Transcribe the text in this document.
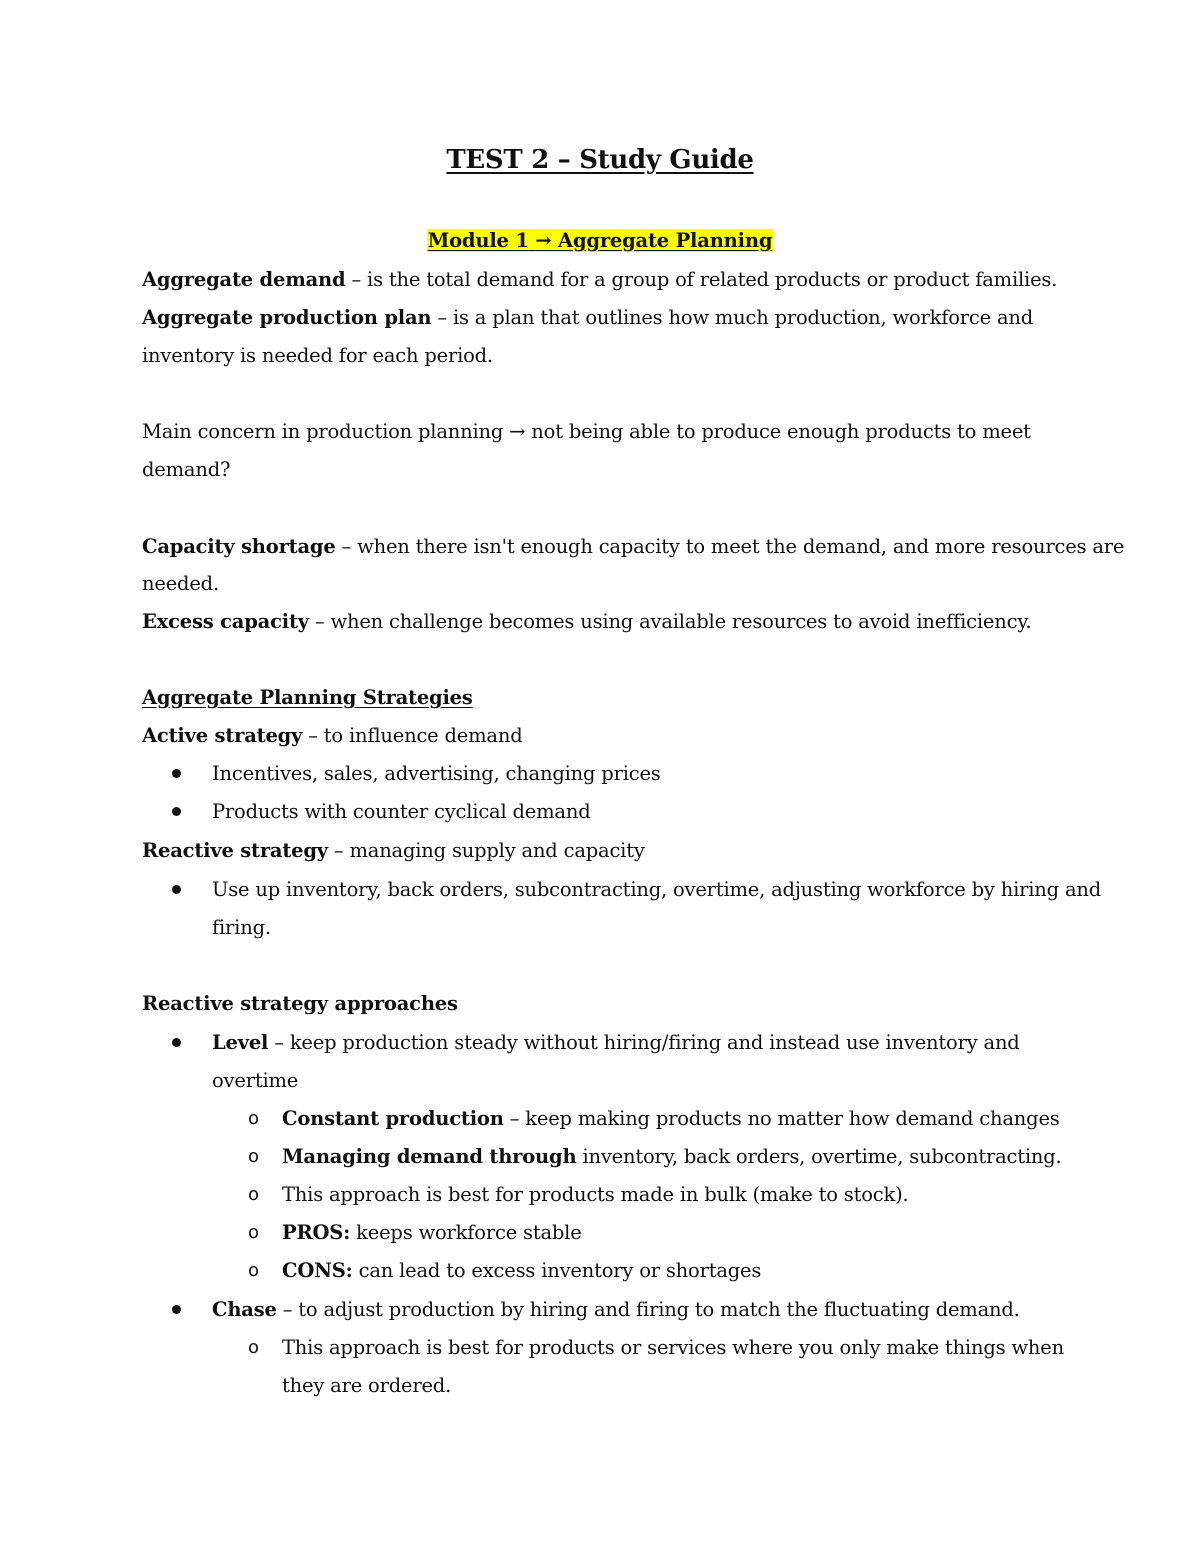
TEST 2 – Study Guide
Module 1 → Aggregate Planning
Aggregate demand – is the total demand for a group of related products or product families.
Aggregate production plan – is a plan that outlines how much production, workforce and
inventory is needed for each period.
Main concern in production planning → not being able to produce enough products to meet
demand?
Capacity shortage – when there isn't enough capacity to meet the demand, and more resources are
needed.
Excess capacity – when challenge becomes using available resources to avoid inefficiency.
Aggregate Planning Strategies
Active strategy – to influence demand
Incentives, sales, advertising, changing prices
Products with counter cyclical demand
Reactive strategy – managing supply and capacity
Use up inventory, back orders, subcontracting, overtime, adjusting workforce by hiring and
firing.
Reactive strategy approaches
Level – keep production steady without hiring/firing and instead use inventory and
overtime
o Constant production – keep making products no matter how demand changes
o Managing demand through inventory, back orders, overtime, subcontracting.
o This approach is best for products made in bulk (make to stock).
o PROS: keeps workforce stable
o CONS: can lead to excess inventory or shortages
Chase – to adjust production by hiring and firing to match the fluctuating demand.
o This approach is best for products or services where you only make things when
they are ordered.
